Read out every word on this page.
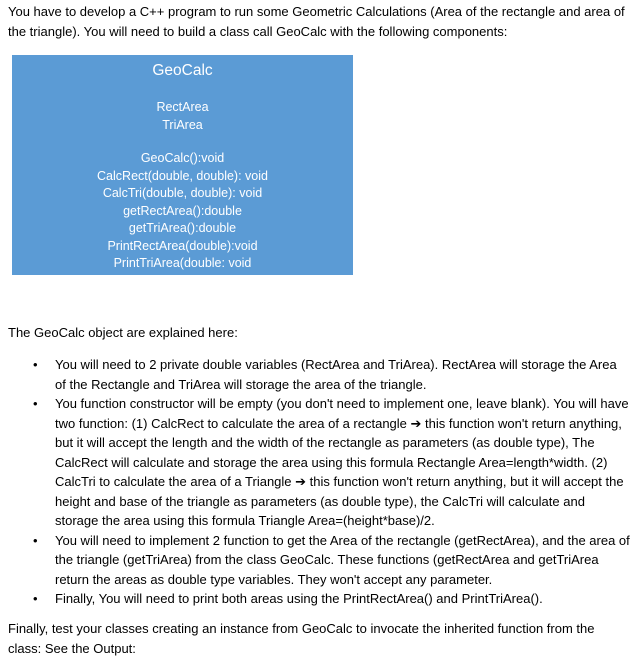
You have to develop a C++ program to run some Geometric Calculations (Area of the rectangle and area of the triangle). You will need to build a class call GeoCalc with the following components:

GeoCalc
RectArea
TriArea
GeoCalc():void
CalcRect(double, double): void
CalcTri(double, double): void
getRectArea():double
getTriArea():double
PrintRectArea(double):void
PrintTriArea(double: void

The GeoCalc object are explained here:

• You will need to 2 private double variables (RectArea and TriArea). RectArea will storage the Area of the Rectangle and TriArea will storage the area of the triangle.
• You function constructor will be empty (you don't need to implement one, leave blank). You will have two function: (1) CalcRect to calculate the area of a rectangle ➔ this function won't return anything, but it will accept the length and the width of the rectangle as parameters (as double type), The CalcRect will calculate and storage the area using this formula Rectangle Area=length*width. (2) CalcTri to calculate the area of a Triangle ➔ this function won't return anything, but it will accept the height and base of the triangle as parameters (as double type), the CalcTri will calculate and storage the area using this formula Triangle Area=(height*base)/2.
• You will need to implement 2 function to get the Area of the rectangle (getRectArea), and the area of the triangle (getTriArea) from the class GeoCalc. These functions (getRectArea and getTriArea return the areas as double type variables. They won't accept any parameter.
• Finally, You will need to print both areas using the PrintRectArea() and PrintTriArea().

Finally, test your classes creating an instance from GeoCalc to invocate the inherited function from the class: See the Output:
